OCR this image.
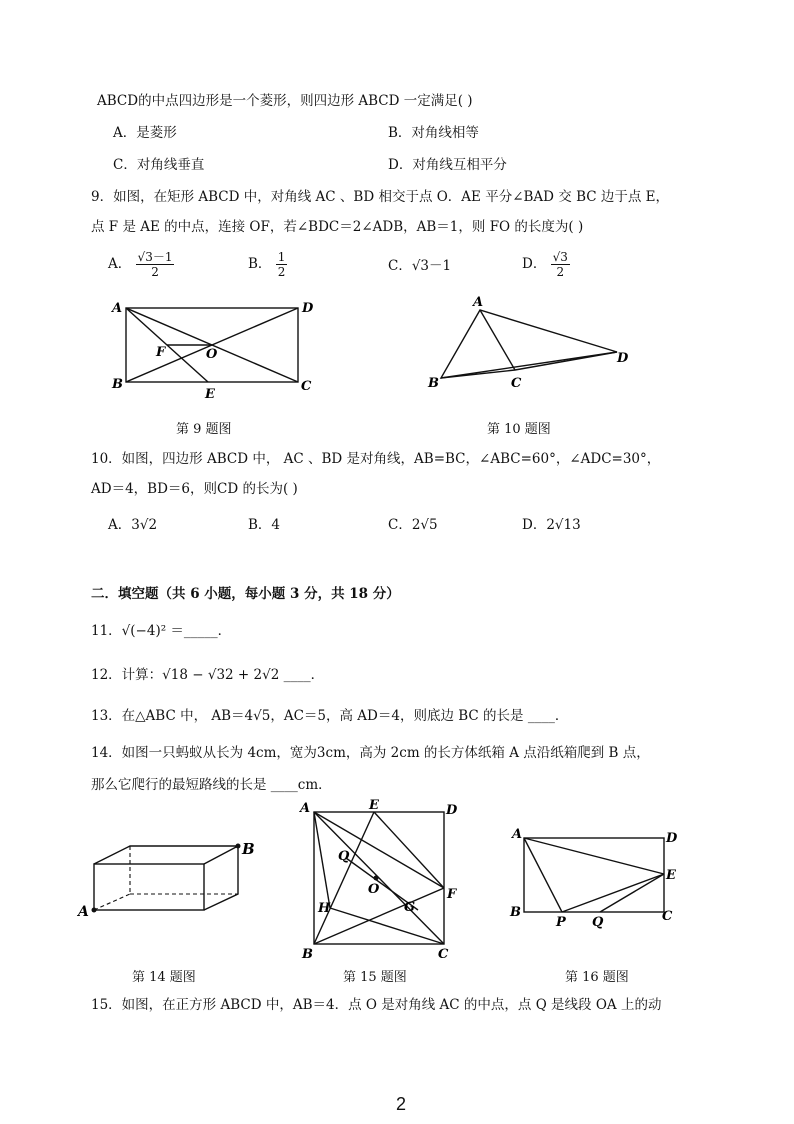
ABCD的中点四边形是一个菱形，则四边形 ABCD 一定满足( )
A．是菱形	B．对角线相等
C．对角线垂直	D．对角线互相平分
9．如图，在矩形 ABCD 中，对角线 AC 、BD 相交于点 O．AE 平分∠BAD 交 BC 边于点 E，
点 F 是 AE 的中点，连接 OF，若∠BDC＝2∠ADB，AB＝1，则 FO 的长度为( )
A． $\frac{√3-1}{2}$	B． $\frac{1}{2}$	C．√3－1	D． $\frac{√3}{2}$
A	D
F	O
B
E
C
第 9 题图
A
D
B	C
第 10 题图
10．如图，四边形 ABCD 中， AC 、BD 是对角线，AB=BC，∠ABC=60°，∠ADC=30°，
AD＝4，BD＝6，则CD 的长为( )
A．3√2	B．4	C．2√5	D．2√13
二．填空题（共 6 小题，每小题 3 分，共 18 分）
11．√(−4)² ＝_____．
12．计算：√18 − √32 + 2√2 ____．
13．在△ABC 中， AB＝4√5，AC＝5，高 AD＝4，则底边 BC 的长是 ____．
14．如图一只蚂蚁从长为 4cm，宽为3cm，高为 2cm 的长方体纸箱 A 点沿纸箱爬到 B 点，
那么它爬行的最短路线的长是 ____cm．
A
B
第 14 题图
A	E	D
Q
O
H	G
F
B	C
第 15 题图
A	D
E
B
P Q	C
第 16 题图
15．如图，在正方形 ABCD 中，AB＝4．点 O 是对角线 AC 的中点，点 Q 是线段 OA 上的动
2
